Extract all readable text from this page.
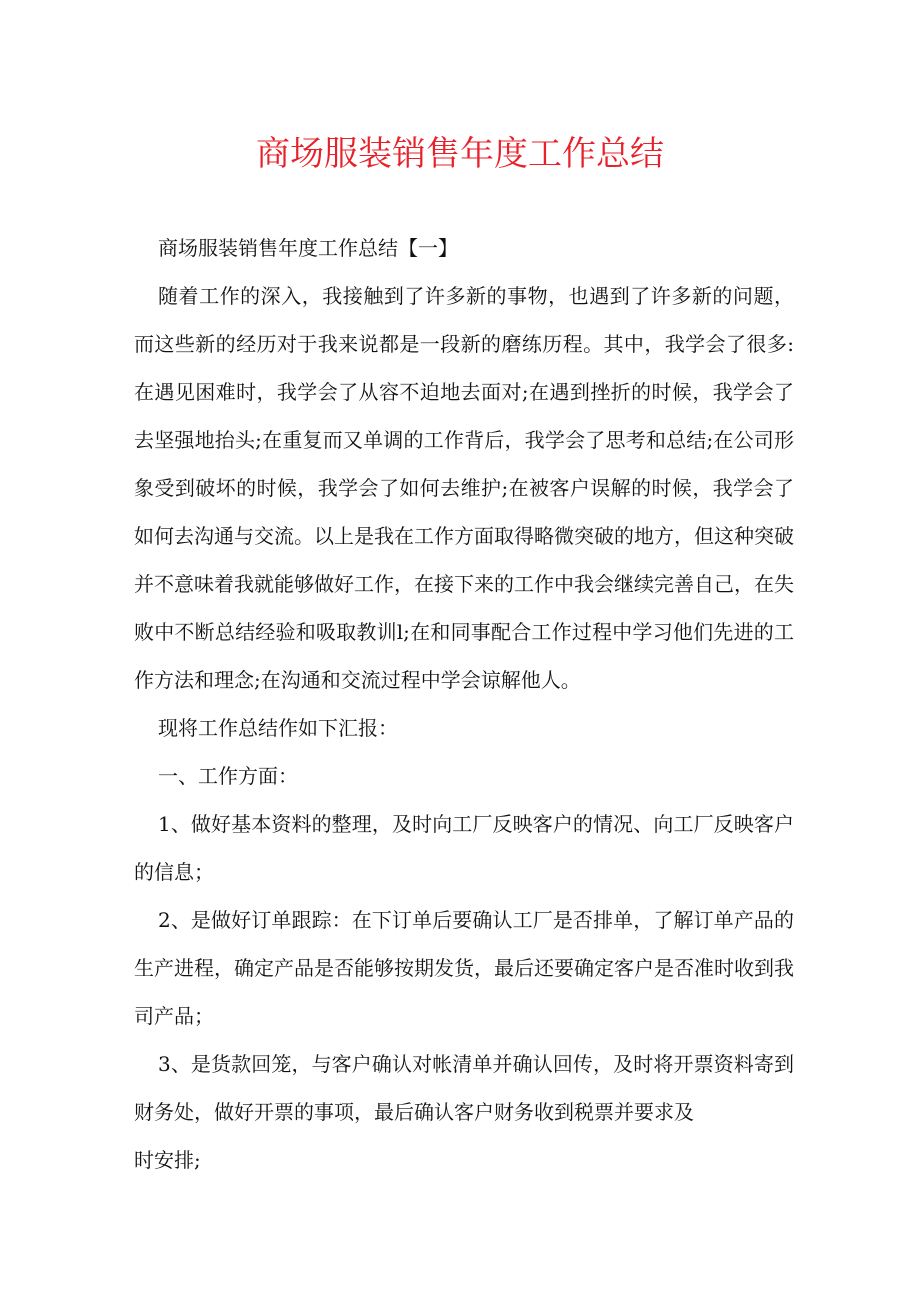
商场服装销售年度工作总结

商场服装销售年度工作总结【一】

随着工作的深入，我接触到了许多新的事物，也遇到了许多新的问题，而这些新的经历对于我来说都是一段新的磨练历程。其中，我学会了很多:在遇见困难时，我学会了从容不迫地去面对;在遇到挫折的时候，我学会了去坚强地抬头;在重复而又单调的工作背后，我学会了思考和总结;在公司形象受到破坏的时候，我学会了如何去维护;在被客户误解的时候，我学会了如何去沟通与交流。以上是我在工作方面取得略微突破的地方，但这种突破并不意味着我就能够做好工作，在接下来的工作中我会继续完善自己，在失败中不断总结经验和吸取教训l;在和同事配合工作过程中学习他们先进的工作方法和理念;在沟通和交流过程中学会谅解他人。

现将工作总结作如下汇报：

一、工作方面：

1、做好基本资料的整理，及时向工厂反映客户的情况、向工厂反映客户的信息；

2、是做好订单跟踪：在下订单后要确认工厂是否排单，了解订单产品的生产进程，确定产品是否能够按期发货，最后还要确定客户是否准时收到我司产品；

3、是货款回笼，与客户确认对帐清单并确认回传，及时将开票资料寄到财务处，做好开票的事项，最后确认客户财务收到税票并要求及

时安排;
